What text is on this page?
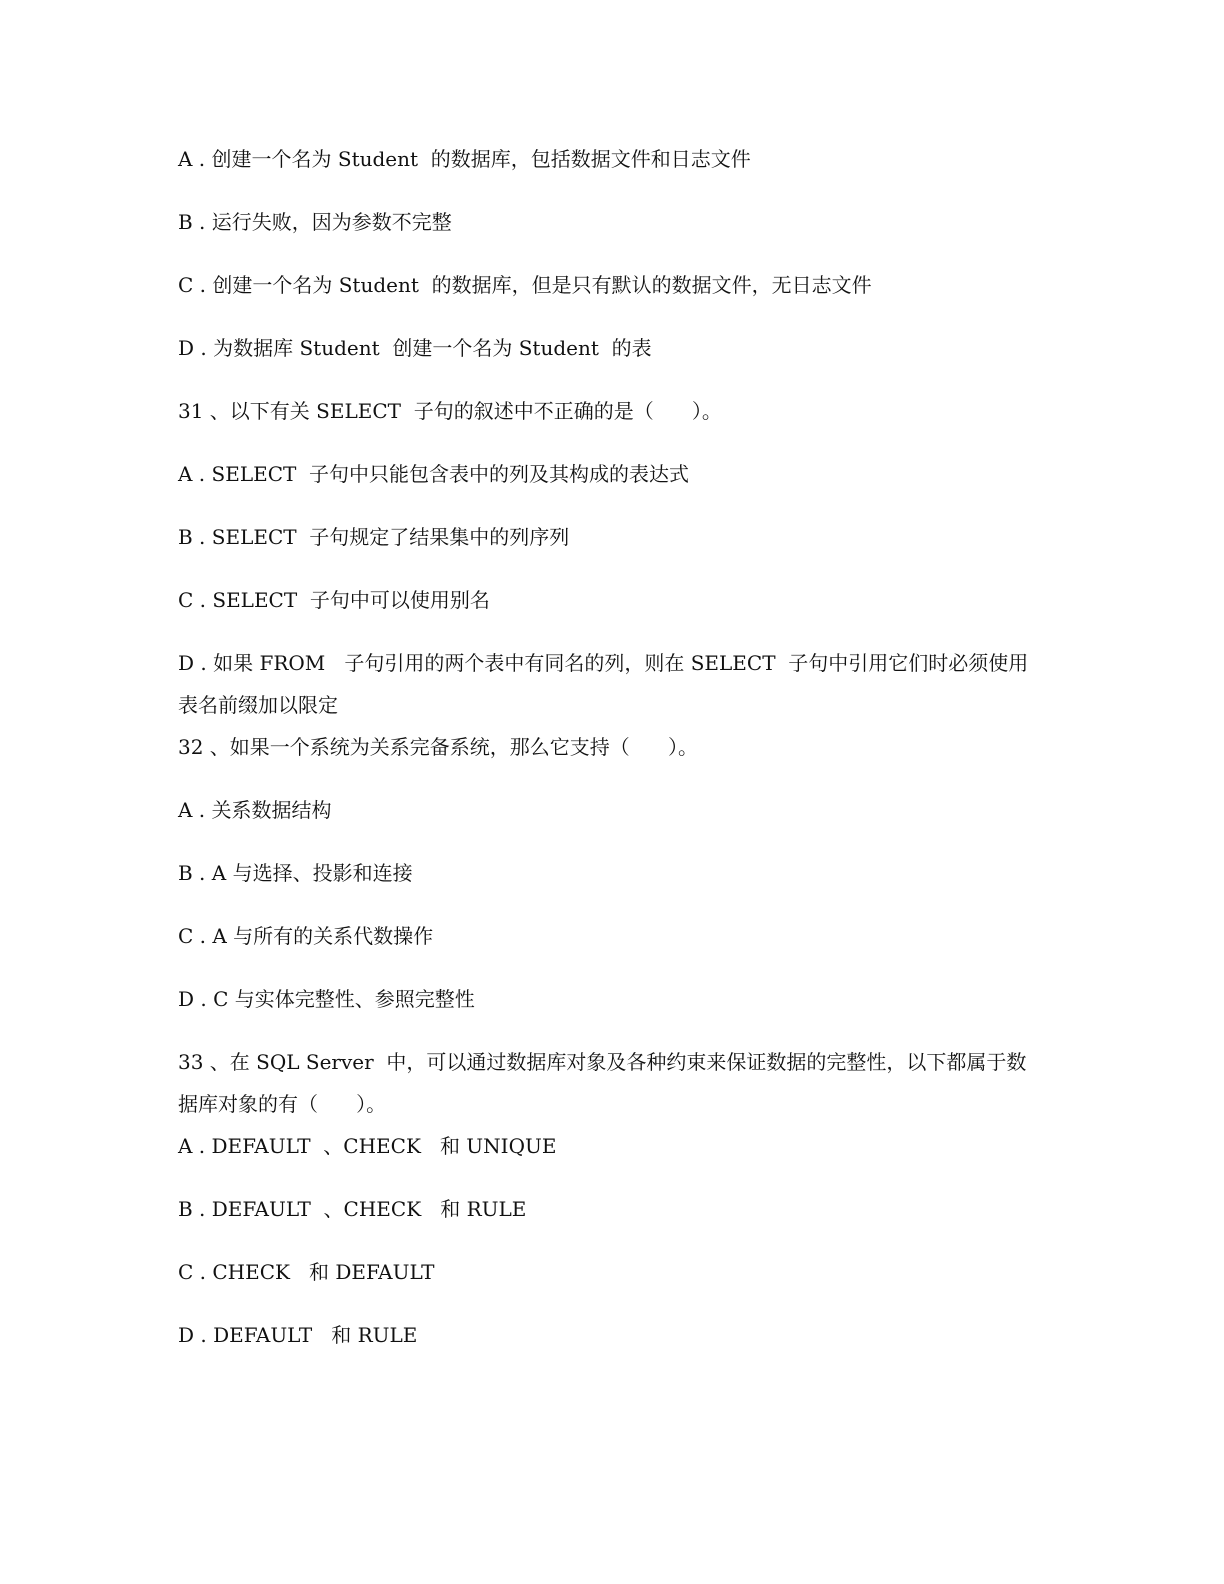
A . 创建一个名为 Student  的数据库，包括数据文件和日志文件

B . 运行失败，因为参数不完整

C . 创建一个名为 Student  的数据库，但是只有默认的数据文件，无日志文件

D . 为数据库 Student  创建一个名为 Student  的表

31 、以下有关 SELECT  子句的叙述中不正确的是（      ）。

A . SELECT  子句中只能包含表中的列及其构成的表达式

B . SELECT  子句规定了结果集中的列序列

C . SELECT  子句中可以使用别名

D . 如果 FROM   子句引用的两个表中有同名的列，则在 SELECT  子句中引用它们时必须使用表名前缀加以限定

32 、如果一个系统为关系完备系统，那么它支持（      ）。

A . 关系数据结构

B . A 与选择、投影和连接

C . A 与所有的关系代数操作

D . C 与实体完整性、参照完整性

33 、在 SQL Server  中，可以通过数据库对象及各种约束来保证数据的完整性，以下都属于数据库对象的有（      ）。

A . DEFAULT  、CHECK   和 UNIQUE

B . DEFAULT  、CHECK   和 RULE

C . CHECK   和 DEFAULT

D . DEFAULT   和 RULE
